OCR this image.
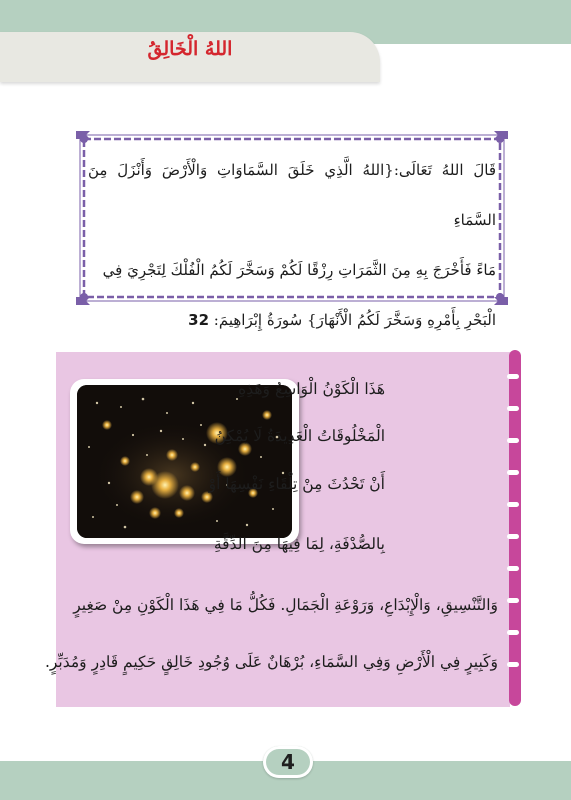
اللهُ الْخَالِقُ
قَالَ اللهُ تَعَالَى:{اللهُ الَّذِي خَلَقَ السَّمَاوَاتِ وَالْأَرْضَ وَأَنْزَلَ مِنَ السَّمَاءِ
مَاءً فَأَخْرَجَ بِهِ مِنَ الثَّمَرَاتِ رِزْقًا لَكُمْ وَسَخَّرَ لَكُمُ الْفُلْكَ لِتَجْرِيَ فِي
الْبَحْرِ بِأَمْرِهِ وَسَخَّرَ لَكُمُ الْأَنْهَارَ} سُورَةُ إِبْرَاهِيمَ: 32
هَذَا الْكَوْنُ الْوَاسِعُ وَهَذِهِ
الْمَخْلُوقَاتُ الْعَدِيدَةُ لَا يُمْكِنُ
أَنْ تَحْدُثَ مِنْ تِلْقَاءِ نَفْسِهَا أَوْ
بِالصُّدْفَةِ، لِمَا فِيهَا مِنَ الدِّقَّةِ
وَالتَّنْسِيقِ، وَالْإِبْدَاعِ، وَرَوْعَةِ الْجَمَالِ. فَكُلُّ مَا فِي هَذَا الْكَوْنِ مِنْ صَغِيرٍ
وَكَبِيرٍ فِي الْأَرْضِ وَفِي السَّمَاءِ، بُرْهَانٌ عَلَى وُجُودِ خَالِقٍ حَكِيمٍ قَادِرٍ وَمُدَبِّرٍ.
4
